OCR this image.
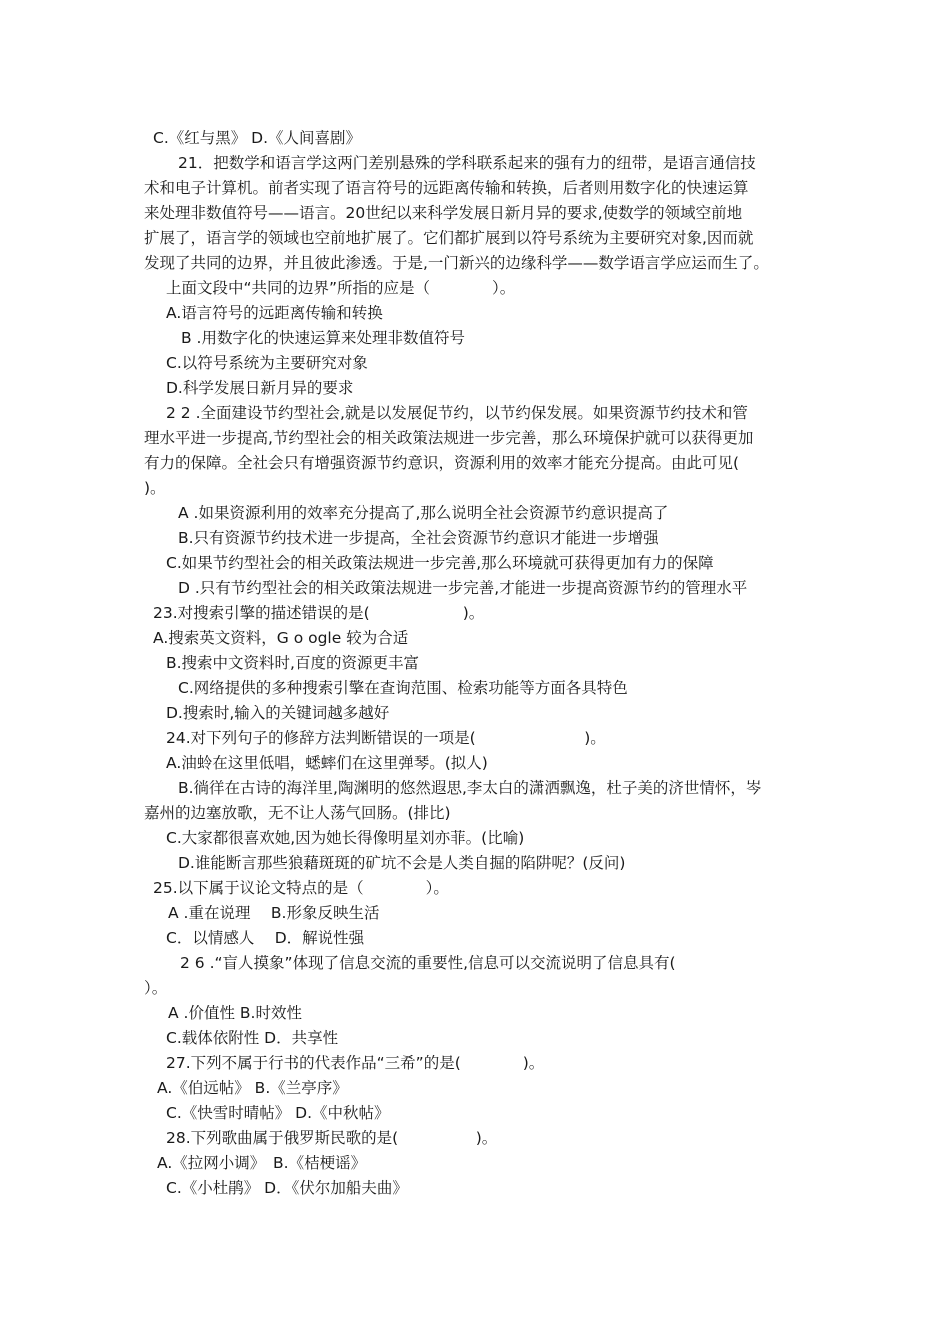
C.《红与黑》 D.《人间喜剧》
21．把数学和语言学这两门差别悬殊的学科联系起来的强有力的纽带，是语言通信技
术和电子计算机。前者实现了语言符号的远距离传输和转换，后者则用数字化的快速运算
来处理非数值符号——语言。20世纪以来科学发展日新月异的要求,使数学的领域空前地
扩展了，语言学的领域也空前地扩展了。它们都扩展到以符号系统为主要研究对象,因而就
发现了共同的边界，并且彼此渗透。于是,一门新兴的边缘科学——数学语言学应运而生了。
上面文段中“共同的边界”所指的应是（　　　　）。
A.语言符号的远距离传输和转换
B .用数字化的快速运算来处理非数值符号
C.以符号系统为主要研究对象
D.科学发展日新月异的要求
2 2 .全面建设节约型社会,就是以发展促节约，以节约保发展。如果资源节约技术和管
理水平进一步提高,节约型社会的相关政策法规进一步完善，那么环境保护就可以获得更加
有力的保障。全社会只有增强资源节约意识，资源利用的效率才能充分提高。由此可见(
)。
A .如果资源利用的效率充分提高了,那么说明全社会资源节约意识提高了
B.只有资源节约技术进一步提高，全社会资源节约意识才能进一步增强
C.如果节约型社会的相关政策法规进一步完善,那么环境就可获得更加有力的保障
D .只有节约型社会的相关政策法规进一步完善,才能进一步提高资源节约的管理水平
23.对搜索引擎的描述错误的是(　　　　　　)。
A.搜索英文资料，G o ogle 较为合适
B.搜索中文资料时,百度的资源更丰富
C.网络提供的多种搜索引擎在查询范围、检索功能等方面各具特色
D.搜索时,输入的关键词越多越好
24.对下列句子的修辞方法判断错误的一项是(　　　　　　　)。
A.油蛉在这里低唱，蟋蟀们在这里弹琴。(拟人)
B.徜徉在古诗的海洋里,陶渊明的悠然遐思,李太白的潇洒飘逸，杜子美的济世情怀，岑
嘉州的边塞放歌，无不让人荡气回肠。(排比)
C.大家都很喜欢她,因为她长得像明星刘亦菲。(比喻)
D.谁能断言那些狼藉斑斑的矿坑不会是人类自掘的陷阱呢？(反问)
25.以下属于议论文特点的是（　　　　）。
A .重在说理　 B.形象反映生活
C．以情感人　 D．解说性强
2 6 .“盲人摸象”体现了信息交流的重要性,信息可以交流说明了信息具有(
）。
A .价值性 B.时效性
C.载体依附性 D．共享性
27.下列不属于行书的代表作品“三希”的是(　　　　)。
A.《伯远帖》 B.《兰亭序》
C.《快雪时晴帖》 D.《中秋帖》
28.下列歌曲属于俄罗斯民歌的是(　　　　　)。
A.《拉网小调》　B.《桔梗谣》
C.《小杜鹃》 D．《伏尔加船夫曲》
